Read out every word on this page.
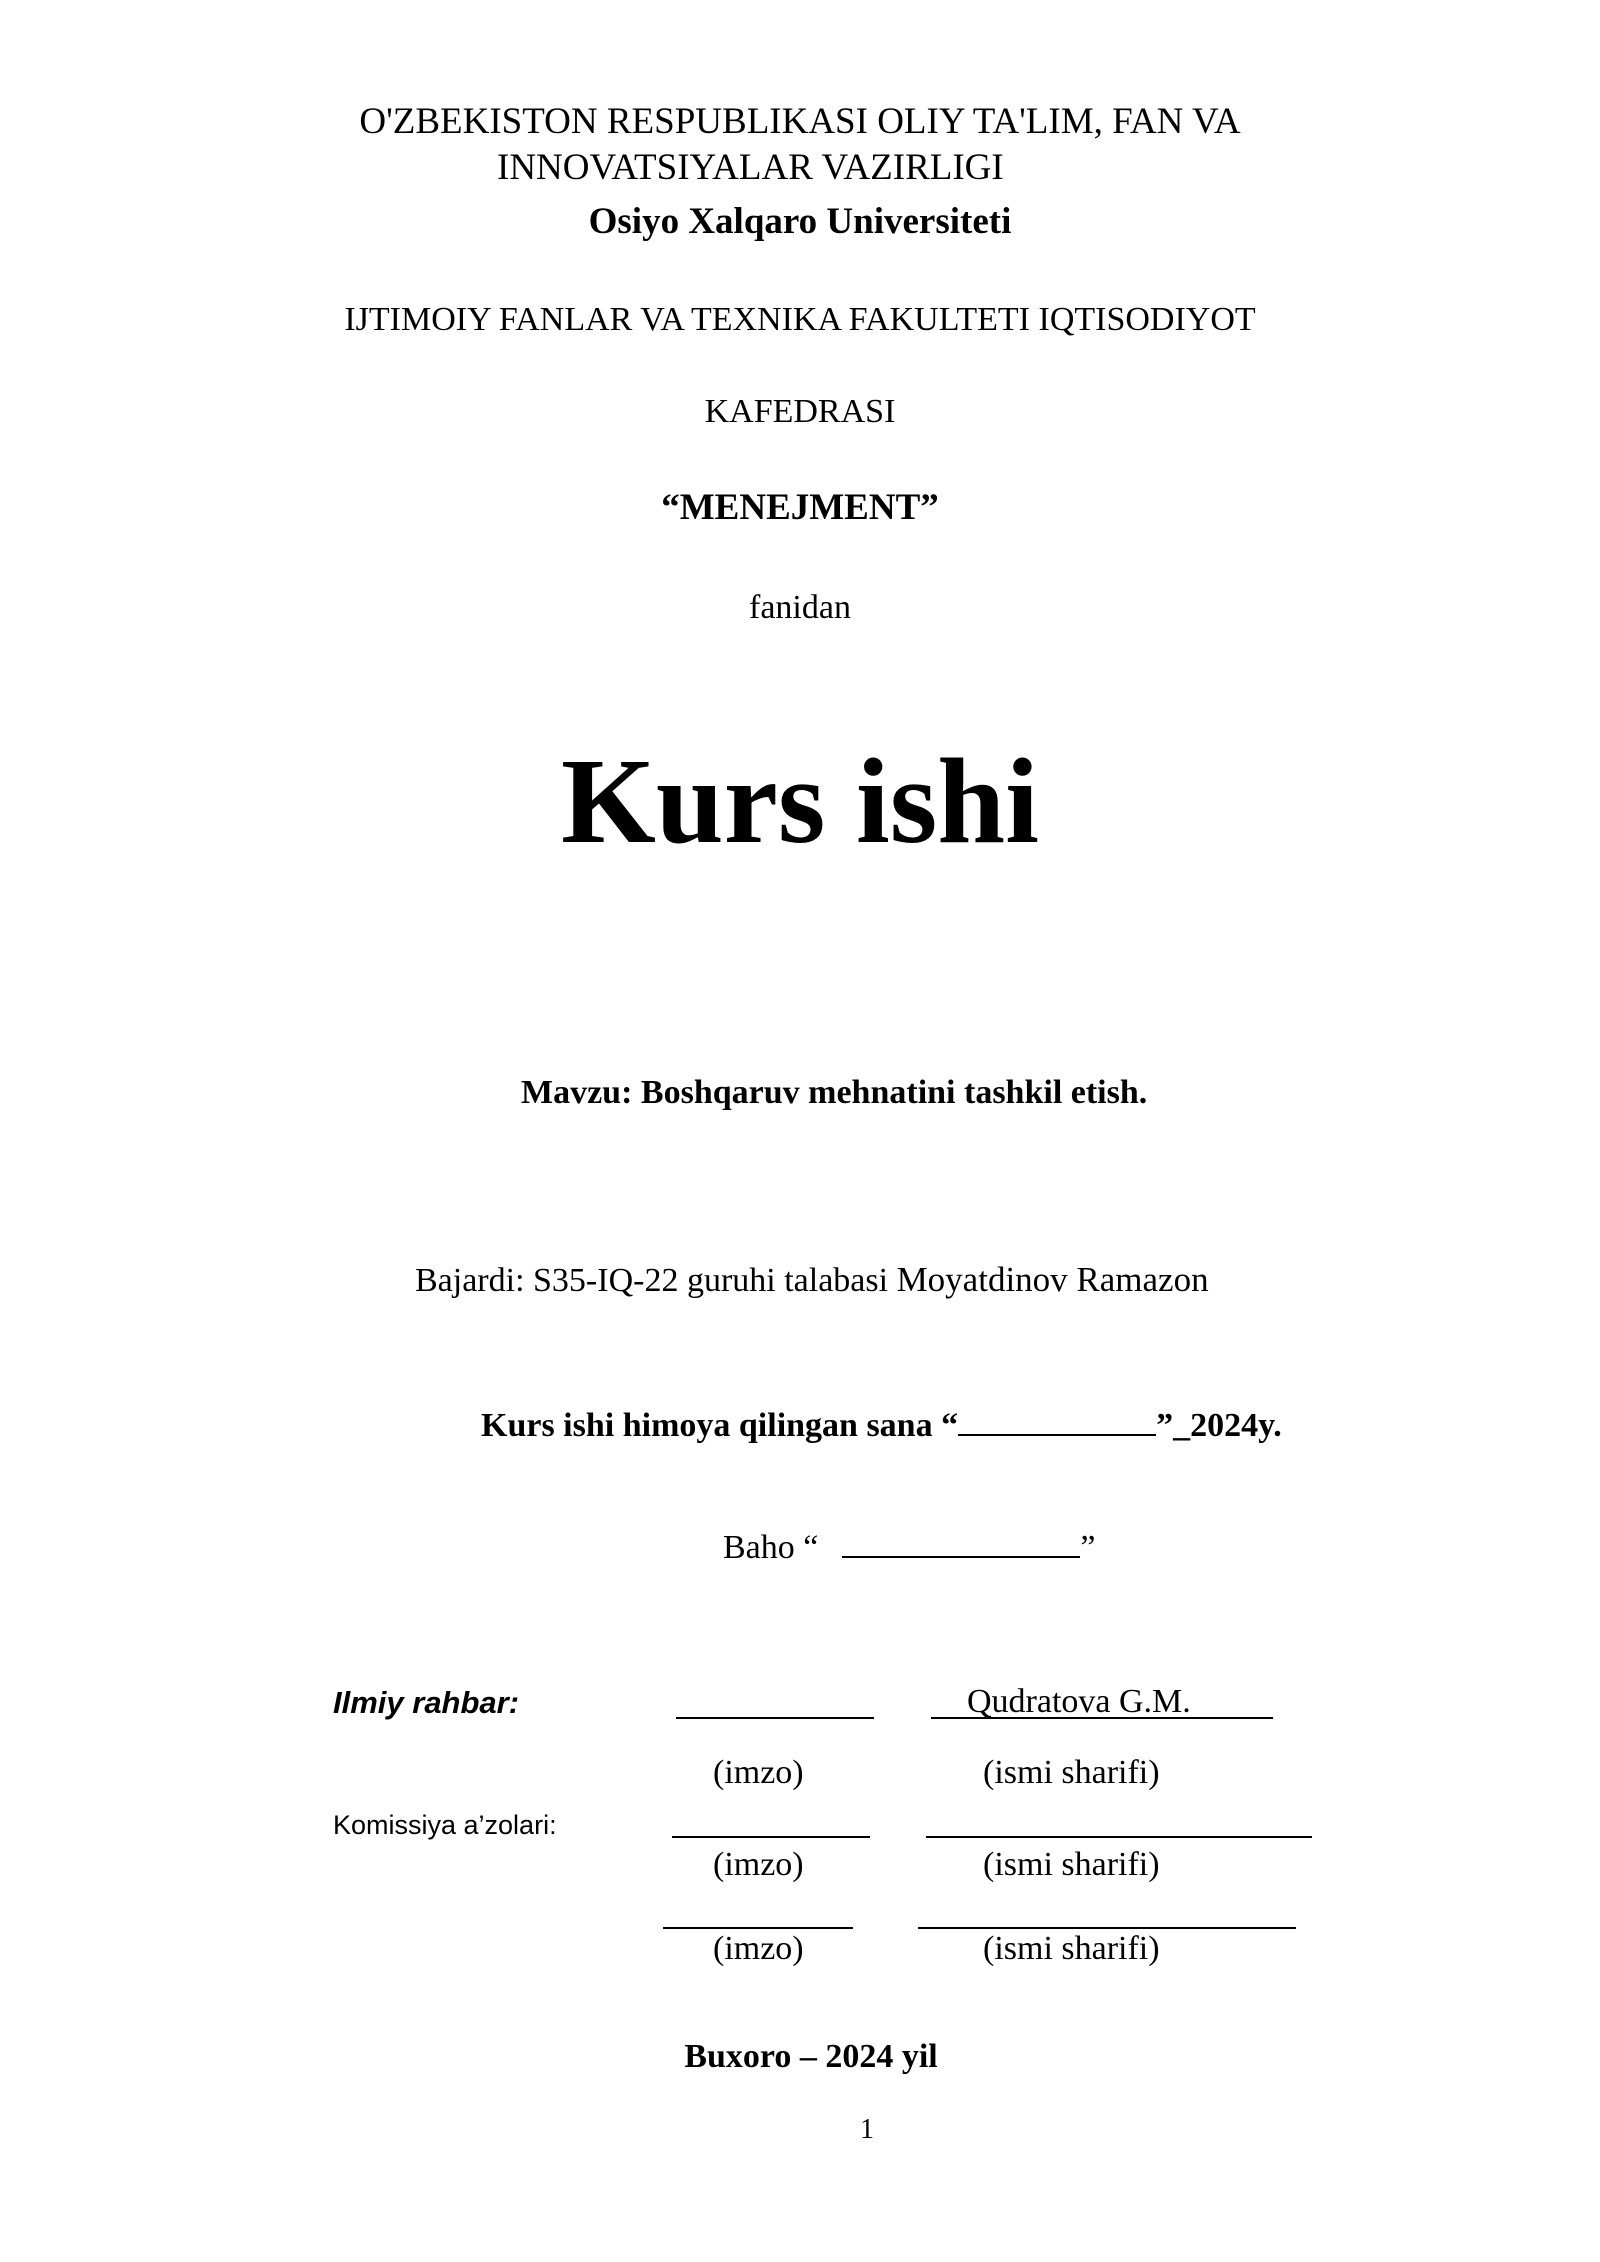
O'ZBEKISTON RESPUBLIKASI OLIY TA'LIM, FAN VA
INNOVATSIYALAR VAZIRLIGI
Osiyo Xalqaro Universiteti
IJTIMOIY FANLAR VA TEXNIKA FAKULTETI IQTISODIYOT
KAFEDRASI
“MENEJMENT”
fanidan
Kurs ishi
Mavzu: Boshqaruv mehnatini tashkil etish.
Bajardi: S35-IQ-22 guruhi talabasi Moyatdinov Ramazon
Kurs ishi himoya qilingan sana “	”_2024y.
Baho “	”
Ilmiy rahbar:	Qudratova G.M.
(imzo)	(ismi sharifi)
Komissiya a’zolari:
(imzo)	(ismi sharifi)
(imzo)	(ismi sharifi)
Buxoro – 2024 yil
1
